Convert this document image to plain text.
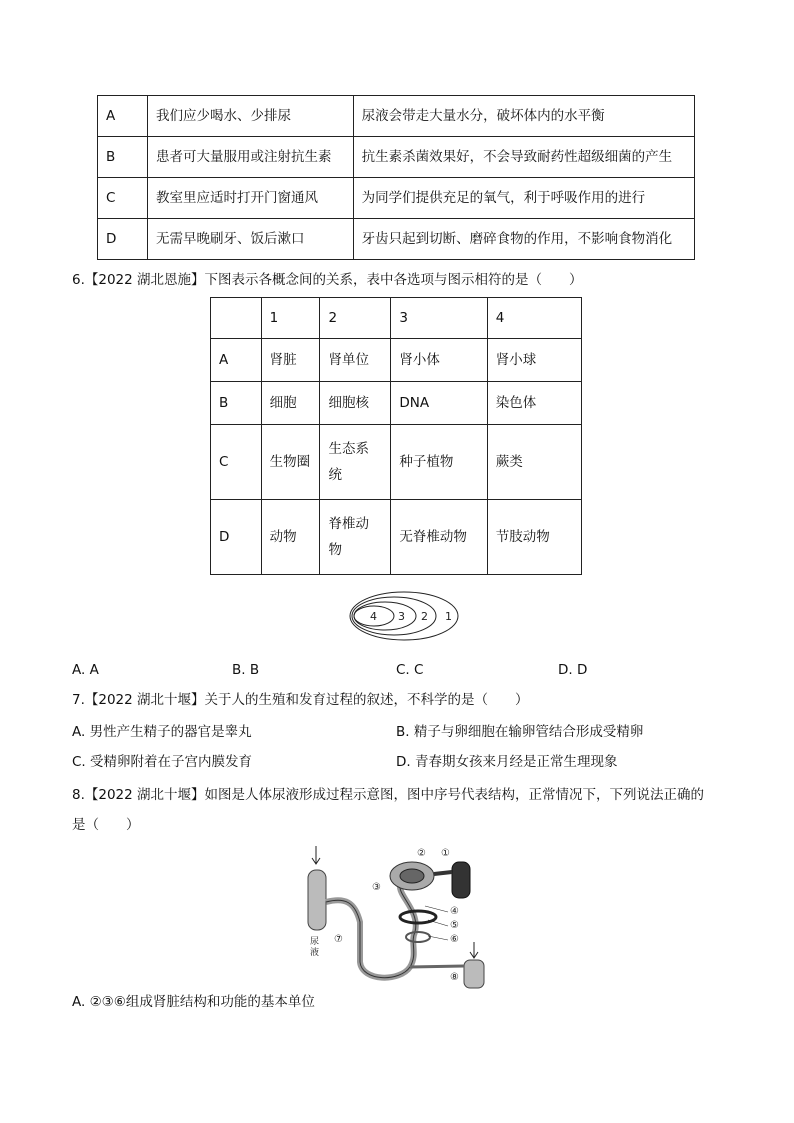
A	我们应少喝水、少排尿	尿液会带走大量水分，破坏体内的水平衡
B	患者可大量服用或注射抗生素	抗生素杀菌效果好，不会导致耐药性超级细菌的产生
C	教室里应适时打开门窗通风	为同学们提供充足的氧气，利于呼吸作用的进行
D	无需早晚刷牙、饭后漱口	牙齿只起到切断、磨碎食物的作用，不影响食物消化
6.【2022 湖北恩施】下图表示各概念间的关系，表中各选项与图示相符的是（　　）
	1	2	3	4
A	肾脏	肾单位	肾小体	肾小球
B	细胞	细胞核	DNA	染色体
C	生物圈	生态系统	种子植物	蕨类
D	动物	脊椎动物	无脊椎动物	节肢动物
4 3 2 1
A. A	B. B	C. C	D. D
7.【2022 湖北十堰】关于人的生殖和发育过程的叙述，不科学的是（　　）
A. 男性产生精子的器官是睾丸	B. 精子与卵细胞在输卵管结合形成受精卵
C. 受精卵附着在子宫内膜发育	D. 青春期女孩来月经是正常生理现象
8.【2022 湖北十堰】如图是人体尿液形成过程示意图，图中序号代表结构，正常情况下，下列说法正确的
是（　　）
尿
液
①
②
③
④
⑤
⑥
⑦
⑧
A. ②③⑥组成肾脏结构和功能的基本单位
